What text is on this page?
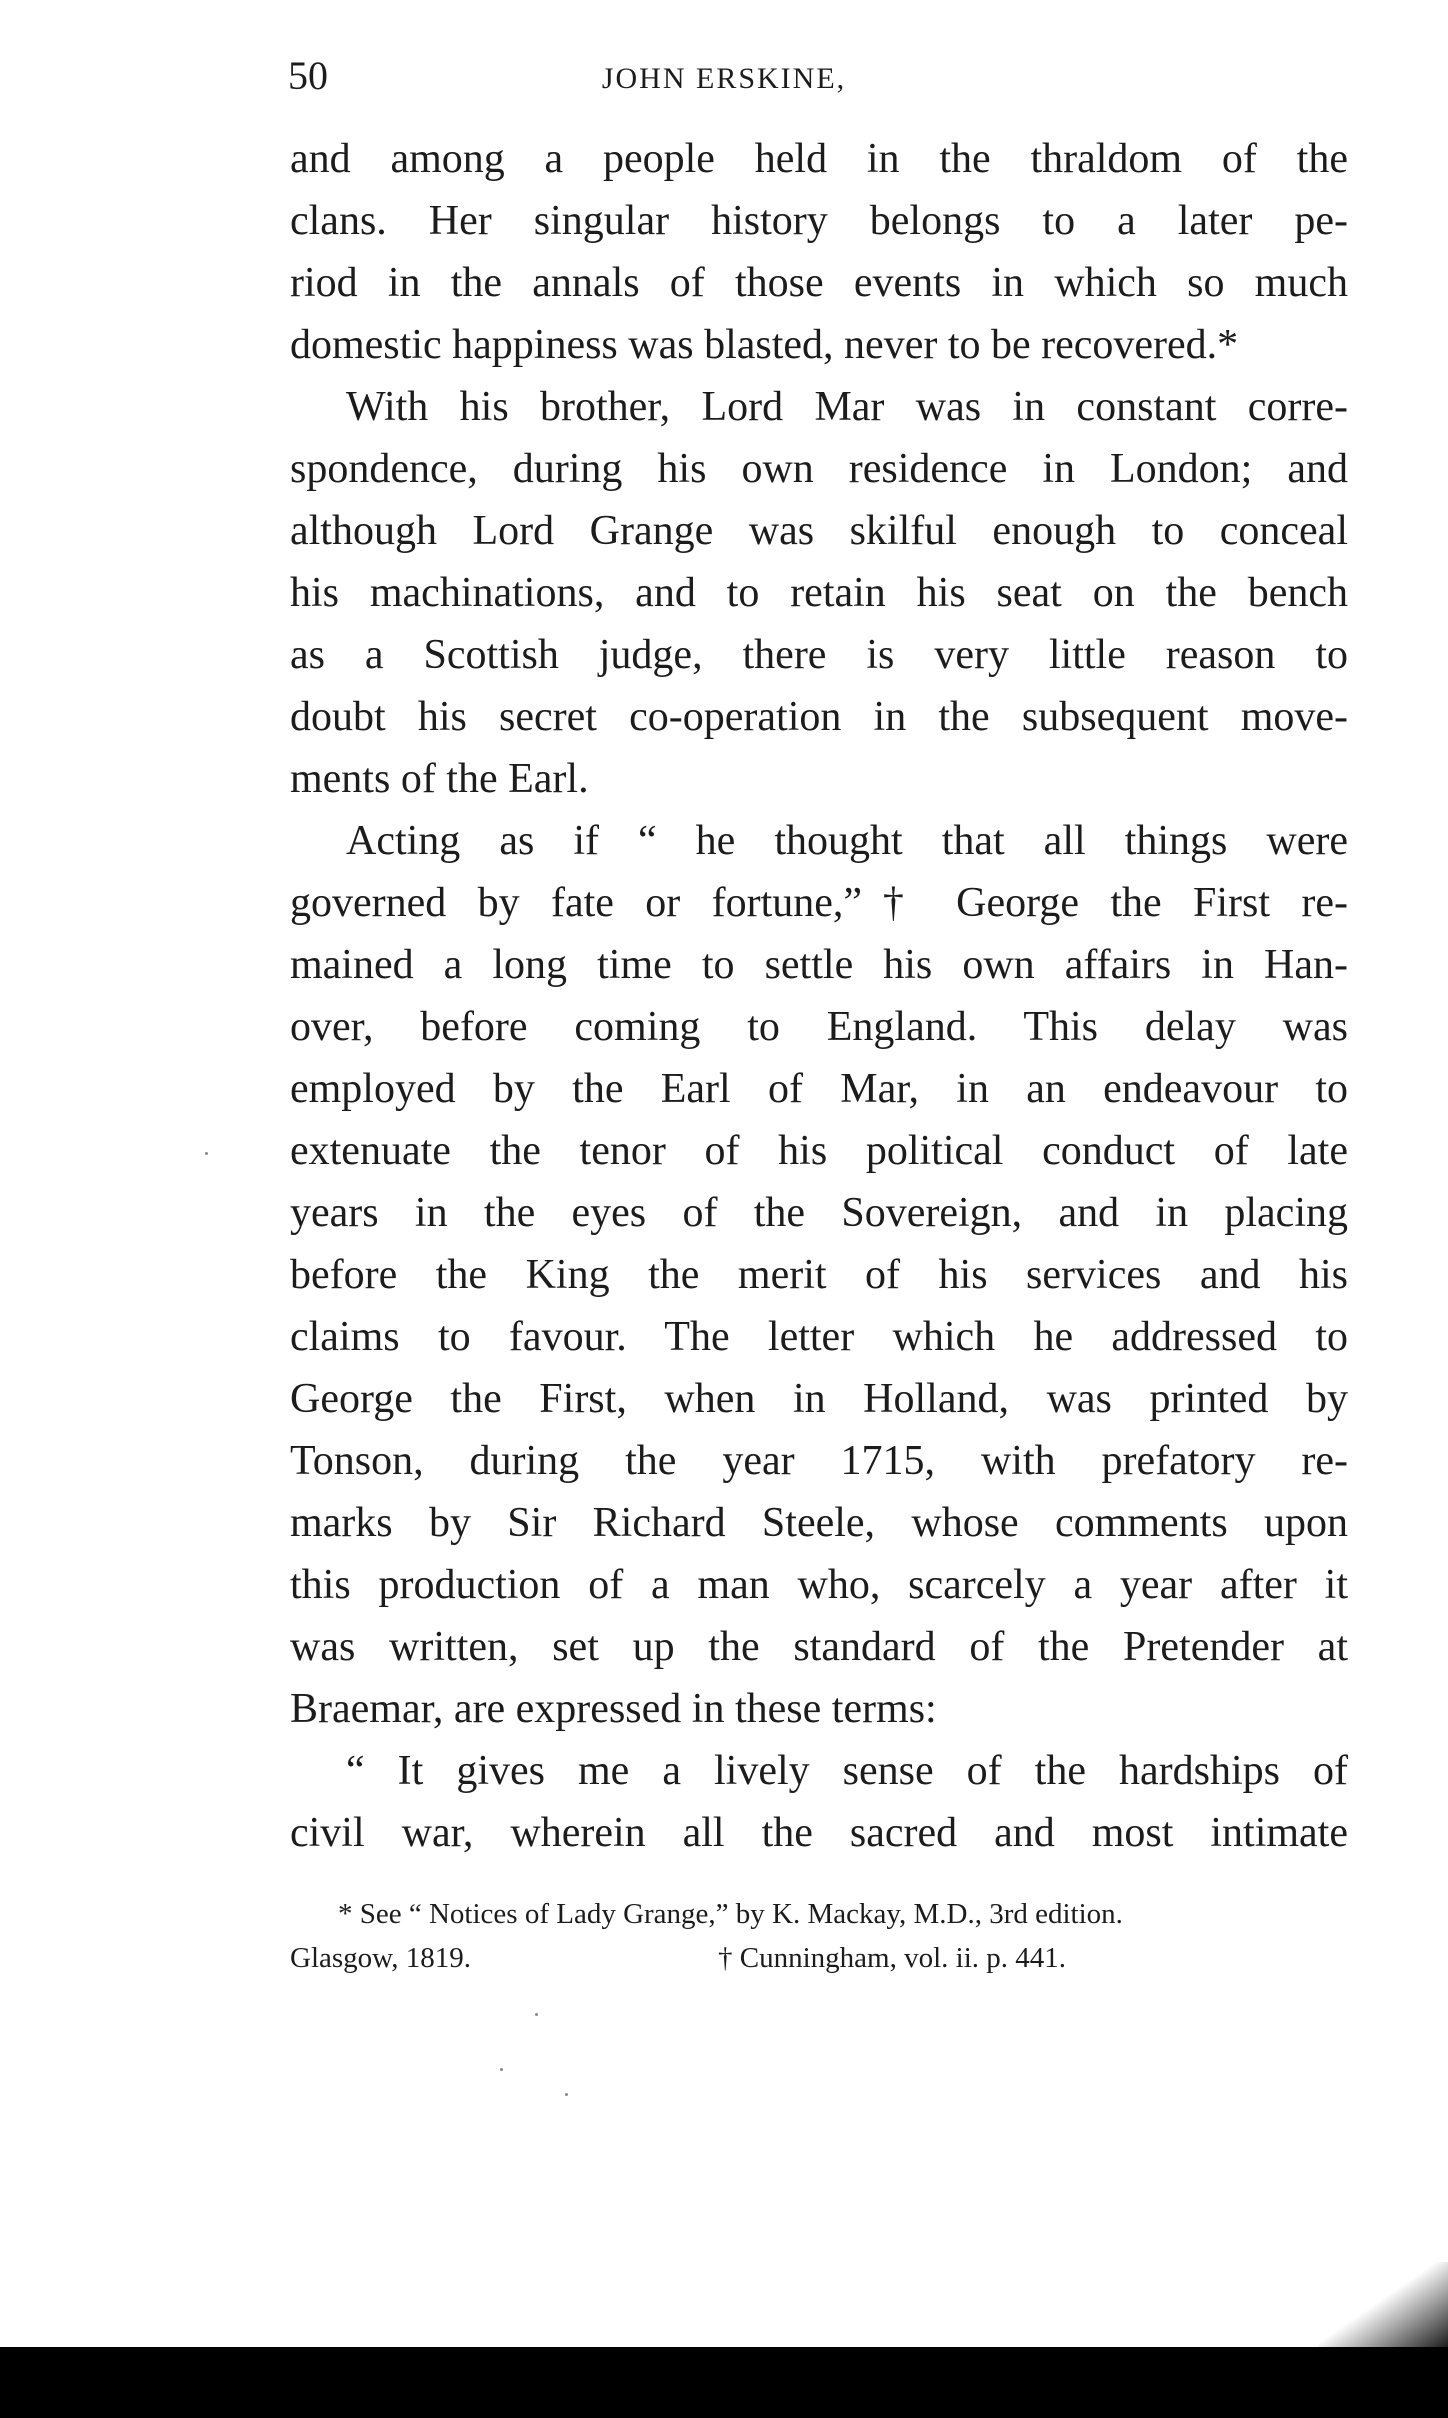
50	JOHN ERSKINE,
and among a people held in the thraldom of the
clans. Her singular history belongs to a later pe-
riod in the annals of those events in which so much
domestic happiness was blasted, never to be recovered.*
With his brother, Lord Mar was in constant corre-
spondence, during his own residence in London; and
although Lord Grange was skilful enough to conceal
his machinations, and to retain his seat on the bench
as a Scottish judge, there is very little reason to
doubt his secret co-operation in the subsequent move-
ments of the Earl.
Acting as if “ he thought that all things were
governed by fate or fortune,”† George the First re-
mained a long time to settle his own affairs in Han-
over, before coming to England. This delay was
employed by the Earl of Mar, in an endeavour to
extenuate the tenor of his political conduct of late
years in the eyes of the Sovereign, and in placing
before the King the merit of his services and his
claims to favour. The letter which he addressed to
George the First, when in Holland, was printed by
Tonson, during the year 1715, with prefatory re-
marks by Sir Richard Steele, whose comments upon
this production of a man who, scarcely a year after it
was written, set up the standard of the Pretender at
Braemar, are expressed in these terms:
“ It gives me a lively sense of the hardships of
civil war, wherein all the sacred and most intimate
* See “ Notices of Lady Grange,” by K. Mackay, M.D., 3rd edition.
Glasgow, 1819.	† Cunningham, vol. ii. p. 441.
